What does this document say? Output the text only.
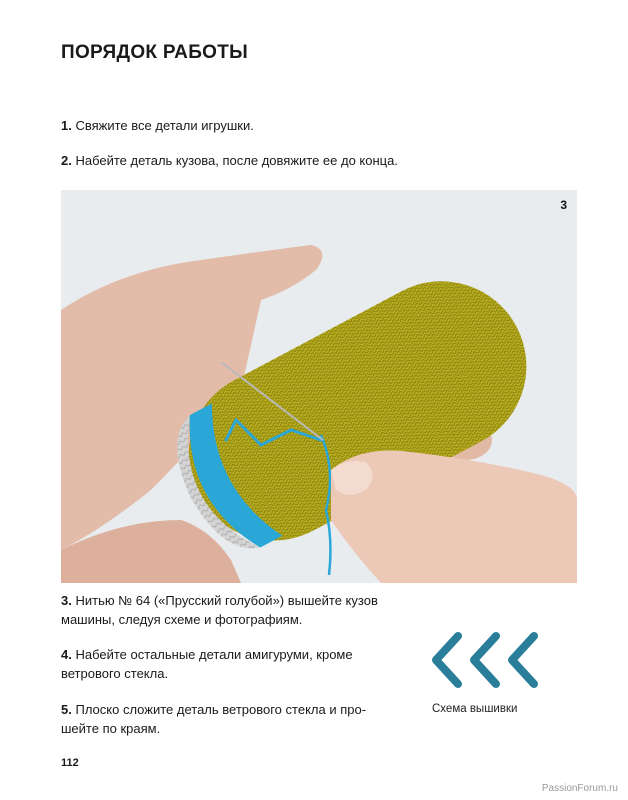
ПОРЯДОК РАБОТЫ

1. Свяжите все детали игрушки.

2. Набейте деталь кузова, после довяжите ее до конца.

3

3. Нитью № 64 («Прусский голубой») вышейте кузов
машины, следуя схеме и фотографиям.

4. Набейте остальные детали амигуруми, кроме
ветрового стекла.

5. Плоско сложите деталь ветрового стекла и про-
шейте по краям.

Схема вышивки
112
PassionForum.ru
